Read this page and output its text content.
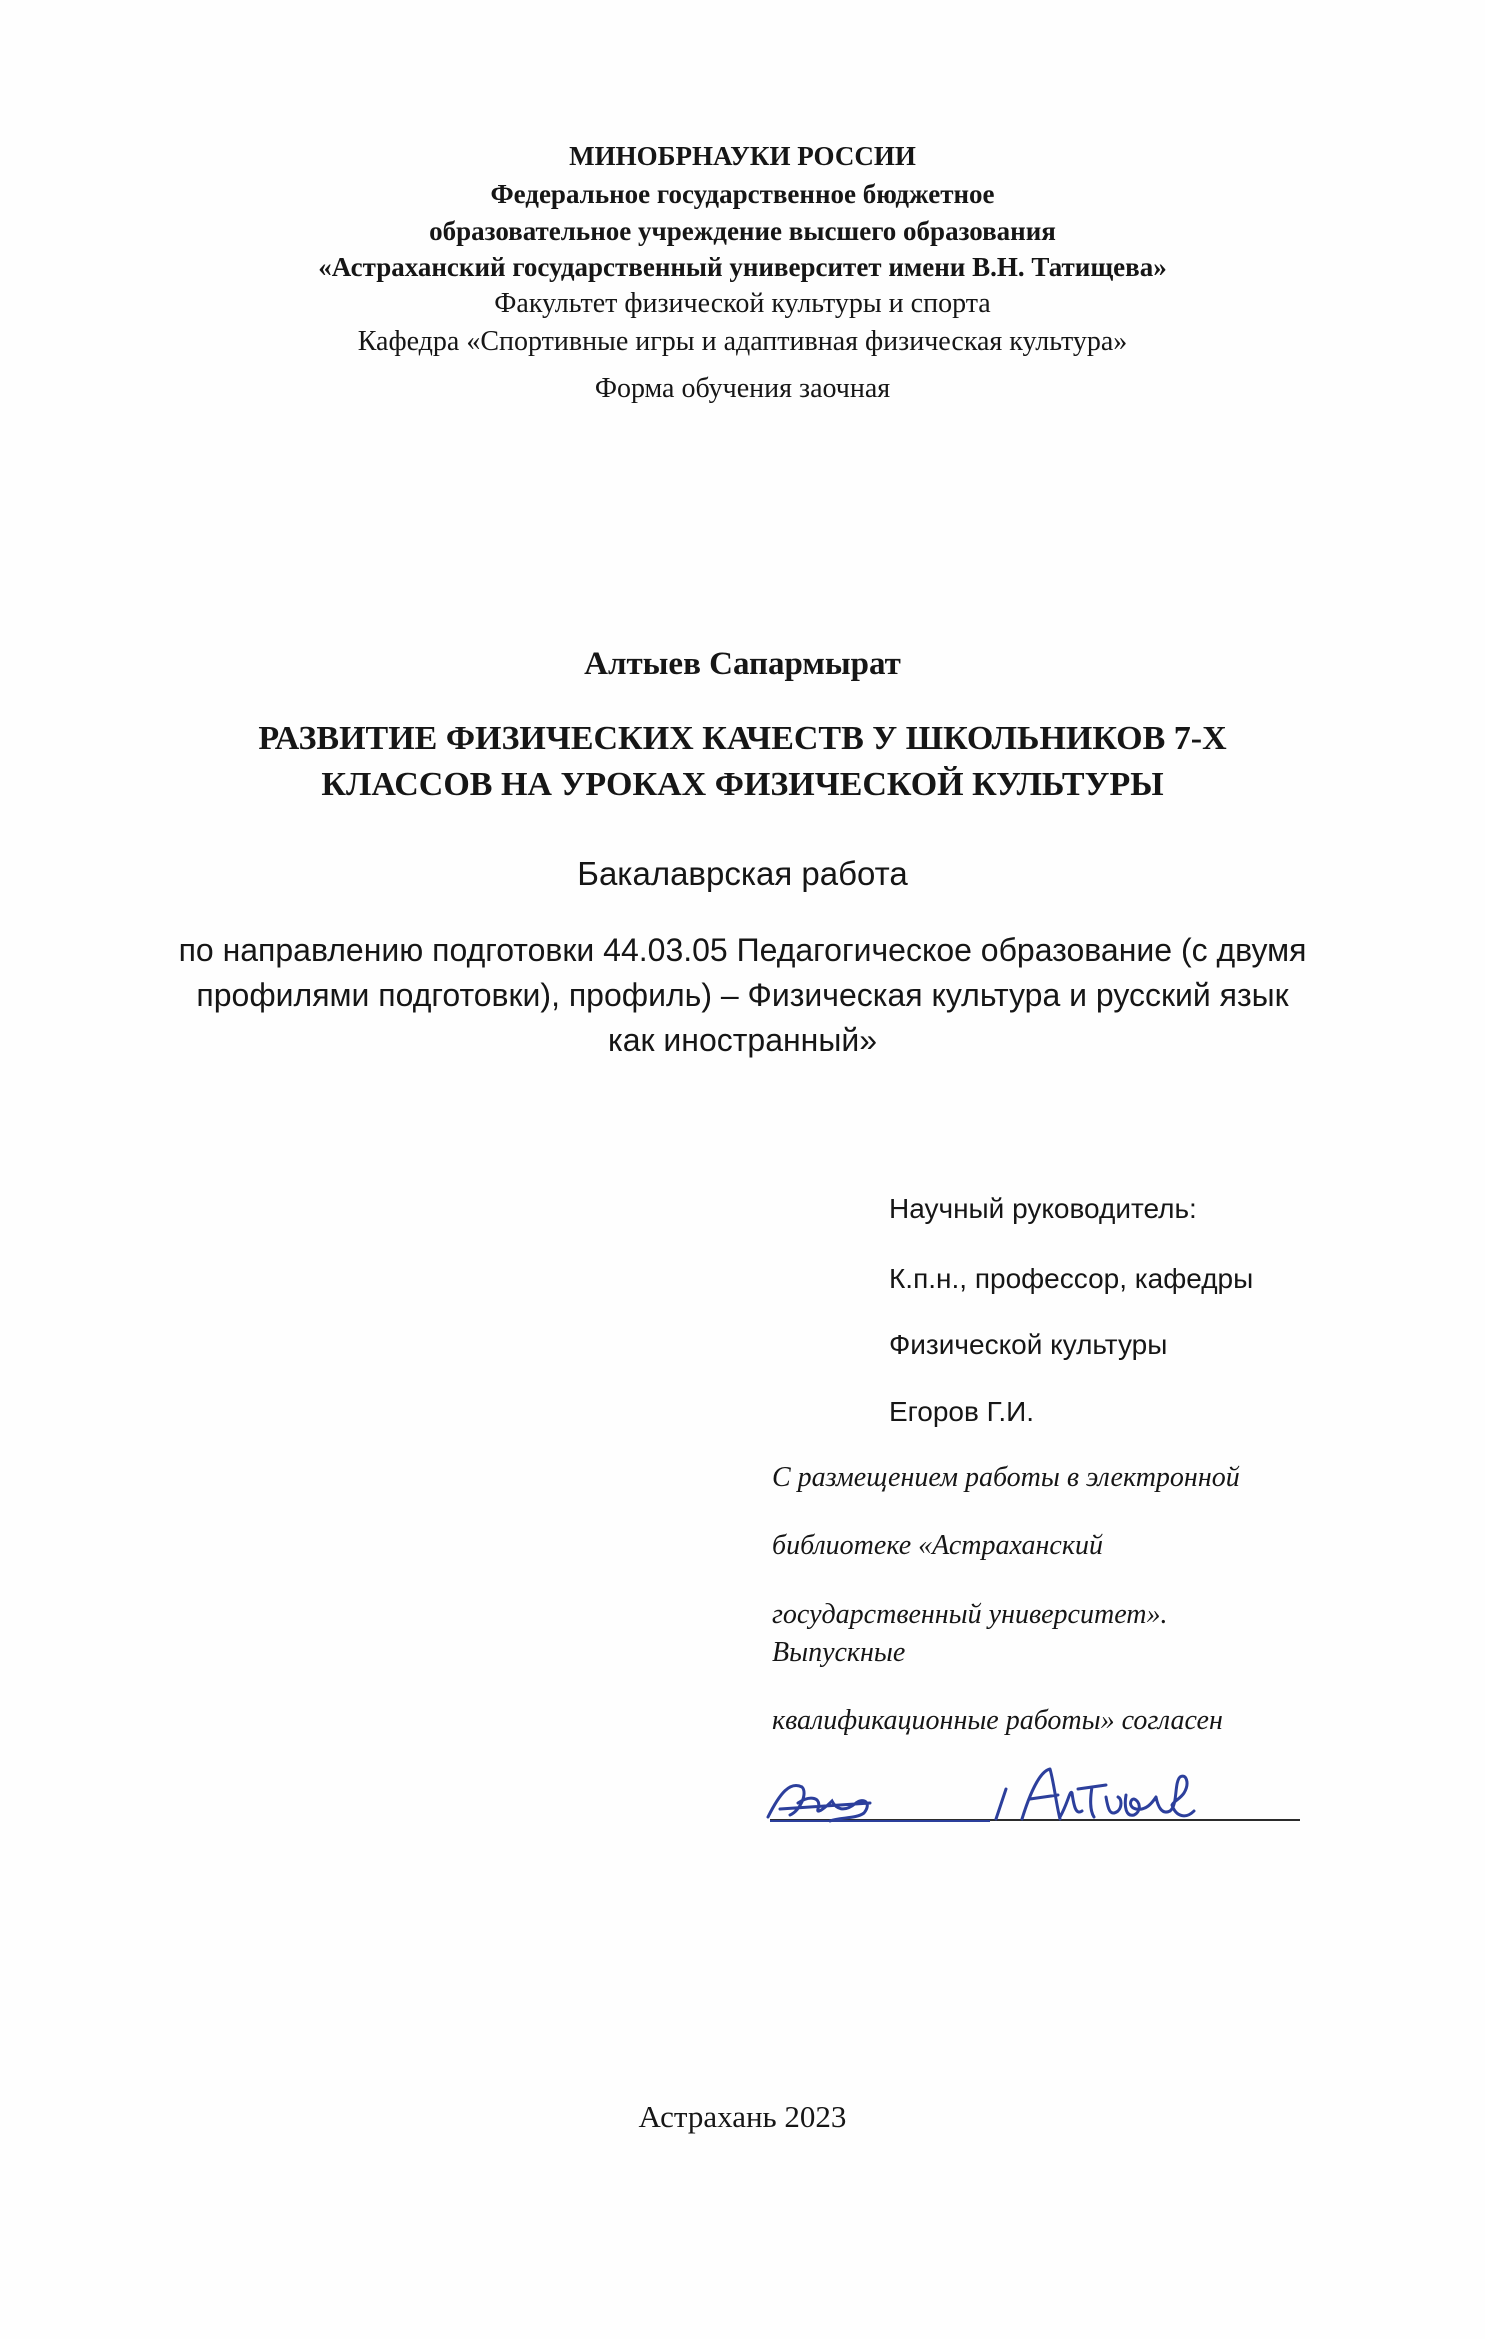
МИНОБРНАУКИ РОССИИ
Федеральное государственное бюджетное
образовательное учреждение высшего образования
«Астраханский государственный университет имени В.Н. Татищева»
Факультет физической культуры и спорта
Кафедра «Спортивные игры и адаптивная физическая культура»
Форма обучения заочная
Алтыев Сапармырат
РАЗВИТИЕ ФИЗИЧЕСКИХ КАЧЕСТВ У ШКОЛЬНИКОВ 7-Х
КЛАССОВ НА УРОКАХ ФИЗИЧЕСКОЙ КУЛЬТУРЫ
Бакалаврская работа
по направлению подготовки 44.03.05 Педагогическое образование (с двумя
профилями подготовки), профиль) – Физическая культура и русский язык
как иностранный»
Научный руководитель:
К.п.н., профессор, кафедры
Физической культуры
Егоров Г.И.
С размещением работы в электронной
библиотеке «Астраханский
государственный университет».
Выпускные
квалификационные работы» согласен
Астрахань 2023
